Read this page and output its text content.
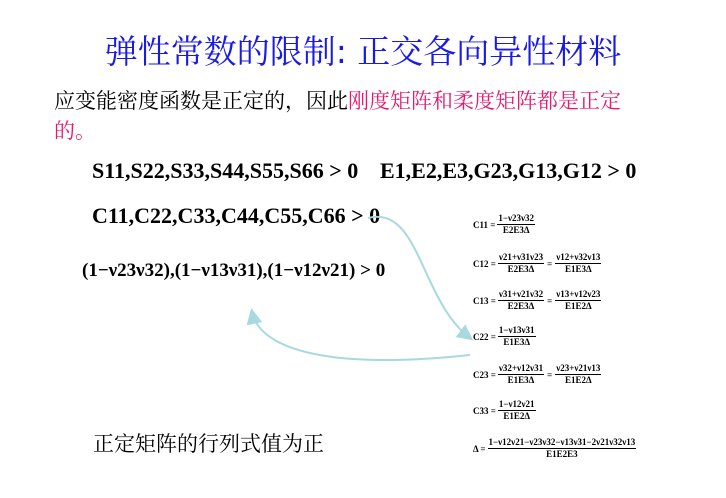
弹性常数的限制: 正交各向异性材料
应变能密度函数是正定的，因此刚度矩阵和柔度矩阵都是正定的。
S11,S22,S33,S44,S55,S66 > 0 E1,E2,E3,G23,G13,G12 > 0
C11,C22,C33,C44,C55,C66 > 0
(1−ν23ν32),(1−ν13ν31),(1−ν12ν21) > 0
$C11 = \frac{1-\nu 23\nu 32}{E2E3\Delta}$
$C12 = \frac{\nu 21+\nu 31\nu 23}{E2E3\Delta} = \frac{\nu 12+\nu 32\nu 13}{E1E3\Delta}$
$C13 = \frac{\nu 31+\nu 21\nu 32}{E2E3\Delta} = \frac{\nu 13+\nu 12\nu 23}{E1E2\Delta}$
$C22 = \frac{1-\nu 13\nu 31}{E1E3\Delta}$
$C23 = \frac{\nu 32+\nu 12\nu 31}{E1E3\Delta} = \frac{\nu 23+\nu 21\nu 13}{E1E2\Delta}$
$C33 = \frac{1-\nu 12\nu 21}{E1E2\Delta}$
$\Delta = \frac{1-\nu 12\nu 21-\nu 23\nu 32-\nu 13\nu 31-2\nu 21\nu 32\nu 13}{E1E2E3}$
正定矩阵的行列式值为正
